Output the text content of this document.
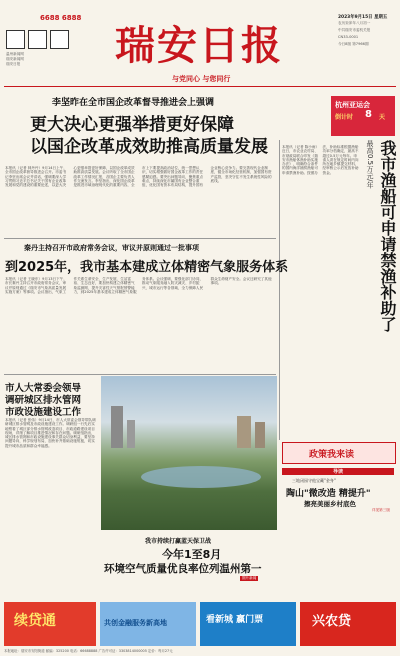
6688 6888
温州新闻网
瑞安新闻网
瑞安日报	瑞安日报
与党同心 与您同行
2023年9月15日 星期五
农历癸卯年八月初一
中共瑞安市委机关报
CN33-0001
今日8版 第7966期
李坚昨在全市国企改革督导推进会上强调
更大决心更强举措更好保障
以国企改革成效助推高质量发展
本报讯（记者 林丹丹）9月14日上午，全市国企改革督导推进会召开。市委书记李坚出席会议并讲话，强调要深入学习贯彻习近平总书记关于国有企业改革发展和党的建设的重要论述，以更大决心更强举措更好保障，以国企改革成效助推高质量发展。会议听取了全市国企改革工作情况汇报，各国企主要负责人作交流发言。李坚指出，深化国企改革是推进市域治理现代化的重要内容，全市上下要提高政治站位，统一思想认识，切实增强做好国企改革工作的责任感紧迫感。要突出问题导向，聚焦重点难点，持续深化市属国有企业整合重组，优化国有资本布局结构，提升国有企业核心竞争力。要完善现代企业制度，健全市场化经营机制，加强国有资产监管，坚决守住不发生系统性风险的底线。
杭州亚运会
倒计时 8 天
最高0.5万元/年 我市渔船可申请禁渔补助了
本报讯（记者 陈小雨）近日，市农业农村局、市财政局联合印发《瑞安市渔船休渔补助实施办法》，明确符合条件的国内海洋捕捞渔船可申请禁渔补助。按照办法，补助标准根据渔船功率分档确定，最高不超过0.5万元每年。申请人须在规定时间内向所在地乡镇提交材料，经审核公示后发放补助资金。
秦丹主持召开市政府常务会议，审议并原则通过一批事项
到2025年，我市基本建成立体精密气象服务体系
本报讯（记者 王晓东）9月13日下午，市长秦丹主持召开市政府常务会议，审议并原则通过《瑞安市气象高质量发展实施方案》等事项。会议指出，气象工作关系生命安全、生产发展、生活富裕、生态良好，要加快构建立体精密气象监测网，提升灾害性天气预报预警能力，到2025年基本建成立体精密气象服务体系。会议强调，要强化部门协同，推动气象服务融入防灾减灾、乡村振兴、城市运行等各领域，全力保障人民群众生命财产安全。会议还研究了其他事项。
市人大常委会领导
调研城区排水管网
市政设施建设工作
本报讯（记者 张伟）9月14日，市人大常委会领导带队调研城区排水管网及市政设施建设工作。调研组一行先后实地察看了城区部分排水管网改造项目、市政道路建设项目现场，详细了解项目推进情况和存在问题。调研组指出，城区排水管网和市政设施建设事关群众切身利益，要坚持问题导向，科学规划布局，加快补齐基础设施短板，切实提升城市品质和群众幸福感。
我市持续打赢蓝天保卫战
今年1至8月
环境空气质量优良率位列温州第一
图片新闻
政策我来读
导读
三地闭园守他宝藏"金身"
陶山"微改造 精提升"
擦亮美丽乡村底色
详见第三版
续贷通	共创金融服务新高地	看新城 赢门票	兴农贷
本报地址：瑞安市安阳街道 邮编：325200 电话：66688888 广告许可证：3303814000005 定价：每月27元
